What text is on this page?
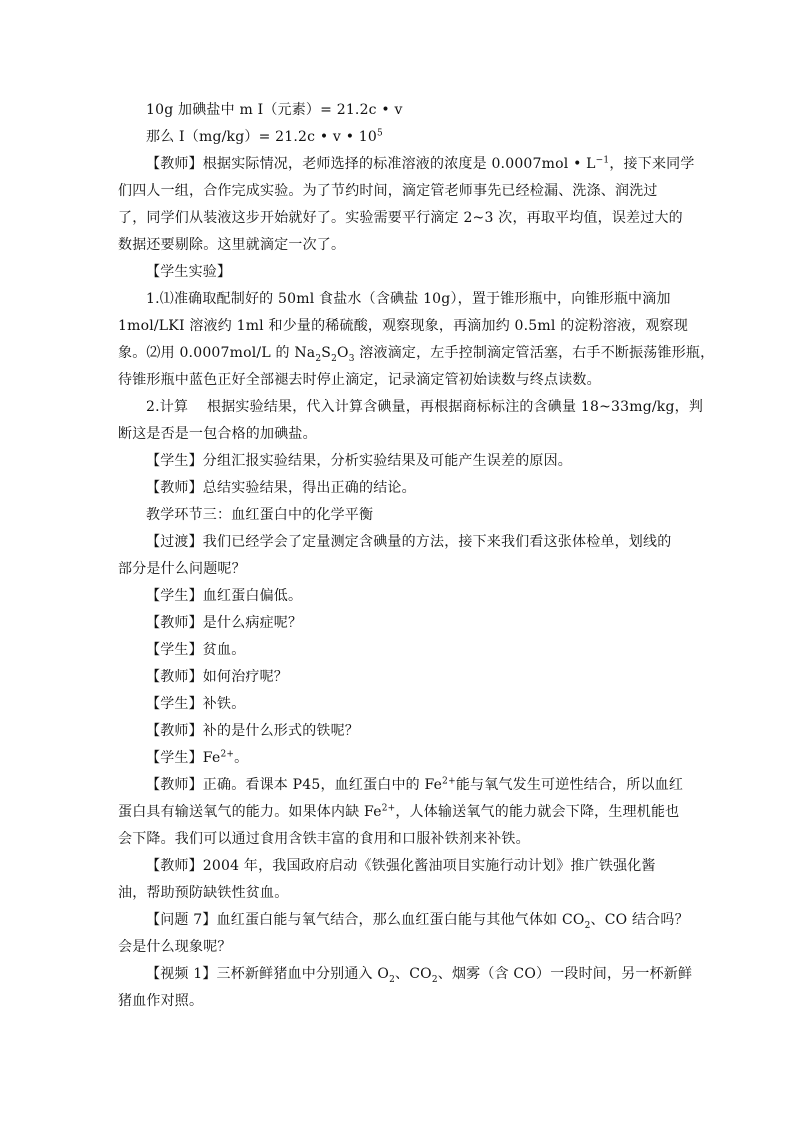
10g 加碘盐中 m I（元素）= 21.2c • v
那么 I（mg/kg）= 21.2c • v • $10^5$
【教师】根据实际情况，老师选择的标准溶液的浓度是 0.0007mol • $L^{-1}$，接下来同学
们四人一组，合作完成实验。为了节约时间，滴定管老师事先已经检漏、洗涤、润洗过
了，同学们从装液这步开始就好了。实验需要平行滴定 2~3 次，再取平均值，误差过大的
数据还要剔除。这里就滴定一次了。
【学生实验】
1.⑴准确取配制好的 50ml 食盐水（含碘盐 10g），置于锥形瓶中，向锥形瓶中滴加
1mol/LKI 溶液约 1ml 和少量的稀硫酸，观察现象，再滴加约 0.5ml 的淀粉溶液，观察现
象。⑵用 0.0007mol/L 的 $Na_2S_2O_3$ 溶液滴定，左手控制滴定管活塞，右手不断振荡锥形瓶，
待锥形瓶中蓝色正好全部褪去时停止滴定，记录滴定管初始读数与终点读数。
2.计算　 根据实验结果，代入计算含碘量，再根据商标标注的含碘量 18~33mg/kg，判
断这是否是一包合格的加碘盐。
【学生】分组汇报实验结果，分析实验结果及可能产生误差的原因。
【教师】总结实验结果，得出正确的结论。
教学环节三：血红蛋白中的化学平衡
【过渡】我们已经学会了定量测定含碘量的方法，接下来我们看这张体检单，划线的
部分是什么问题呢？
【学生】血红蛋白偏低。
【教师】是什么病症呢？
【学生】贫血。
【教师】如何治疗呢？
【学生】补铁。
【教师】补的是什么形式的铁呢？
【学生】$Fe^{2+}$。
【教师】正确。看课本 P45，血红蛋白中的 $Fe^{2+}$能与氧气发生可逆性结合，所以血红
蛋白具有输送氧气的能力。如果体内缺 $Fe^{2+}$，人体输送氧气的能力就会下降，生理机能也
会下降。我们可以通过食用含铁丰富的食用和口服补铁剂来补铁。
【教师】2004 年，我国政府启动《铁强化酱油项目实施行动计划》推广铁强化酱
油，帮助预防缺铁性贫血。
【问题 7】血红蛋白能与氧气结合，那么血红蛋白能与其他气体如 $CO_2$、CO 结合吗？
会是什么现象呢？
【视频 1】三杯新鲜猪血中分别通入 $O_2$、$CO_2$、烟雾（含 CO）一段时间，另一杯新鲜
猪血作对照。
